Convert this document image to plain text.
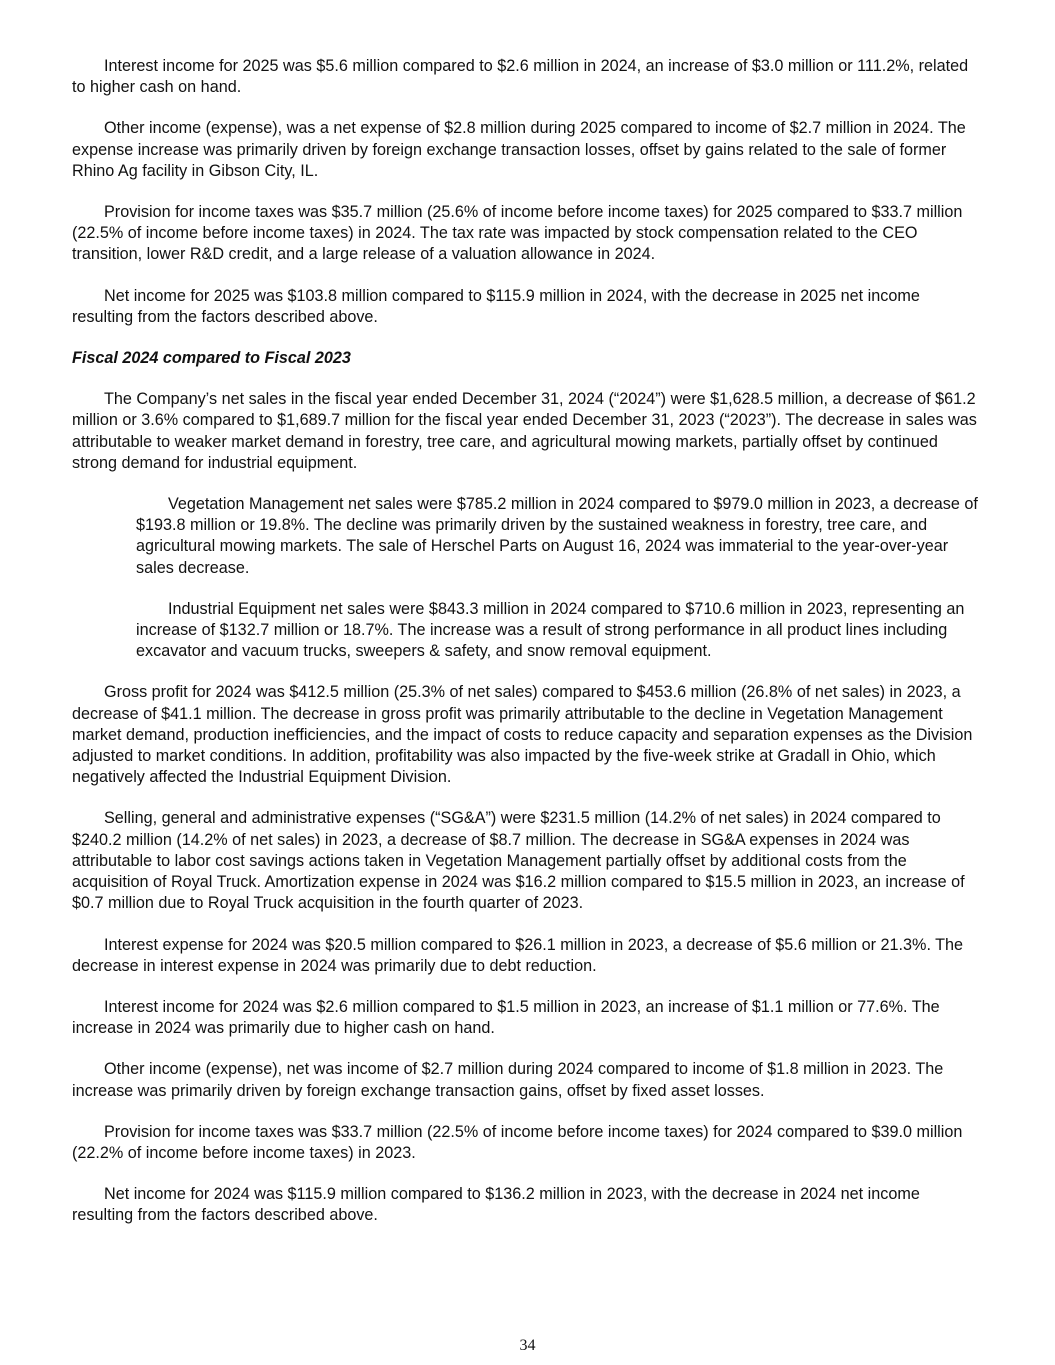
Interest income for 2025 was $5.6 million compared to $2.6 million in 2024, an increase of $3.0 million or 111.2%, related to higher cash on hand.

Other income (expense), was a net expense of $2.8 million during 2025 compared to income of $2.7 million in 2024. The expense increase was primarily driven by foreign exchange transaction losses, offset by gains related to the sale of former Rhino Ag facility in Gibson City, IL.

Provision for income taxes was $35.7 million (25.6% of income before income taxes) for 2025 compared to $33.7 million (22.5% of income before income taxes) in 2024. The tax rate was impacted by stock compensation related to the CEO transition, lower R&D credit, and a large release of a valuation allowance in 2024.

Net income for 2025 was $103.8 million compared to $115.9 million in 2024, with the decrease in 2025 net income resulting from the factors described above.

Fiscal 2024 compared to Fiscal 2023

The Company’s net sales in the fiscal year ended December 31, 2024 (“2024”) were $1,628.5 million, a decrease of $61.2 million or 3.6% compared to $1,689.7 million for the fiscal year ended December 31, 2023 (“2023”). The decrease in sales was attributable to weaker market demand in forestry, tree care, and agricultural mowing markets, partially offset by continued strong demand for industrial equipment.

Vegetation Management net sales were $785.2 million in 2024 compared to $979.0 million in 2023, a decrease of $193.8 million or 19.8%. The decline was primarily driven by the sustained weakness in forestry, tree care, and agricultural mowing markets. The sale of Herschel Parts on August 16, 2024 was immaterial to the year-over-year sales decrease.

Industrial Equipment net sales were $843.3 million in 2024 compared to $710.6 million in 2023, representing an increase of $132.7 million or 18.7%. The increase was a result of strong performance in all product lines including excavator and vacuum trucks, sweepers & safety, and snow removal equipment.

Gross profit for 2024 was $412.5 million (25.3% of net sales) compared to $453.6 million (26.8% of net sales) in 2023, a decrease of $41.1 million. The decrease in gross profit was primarily attributable to the decline in Vegetation Management market demand, production inefficiencies, and the impact of costs to reduce capacity and separation expenses as the Division adjusted to market conditions. In addition, profitability was also impacted by the five-week strike at Gradall in Ohio, which negatively affected the Industrial Equipment Division.

Selling, general and administrative expenses (“SG&A”) were $231.5 million (14.2% of net sales) in 2024 compared to $240.2 million (14.2% of net sales) in 2023, a decrease of $8.7 million. The decrease in SG&A expenses in 2024 was attributable to labor cost savings actions taken in Vegetation Management partially offset by additional costs from the acquisition of Royal Truck. Amortization expense in 2024 was $16.2 million compared to $15.5 million in 2023, an increase of $0.7 million due to Royal Truck acquisition in the fourth quarter of 2023.

Interest expense for 2024 was $20.5 million compared to $26.1 million in 2023, a decrease of $5.6 million or 21.3%. The decrease in interest expense in 2024 was primarily due to debt reduction.

Interest income for 2024 was $2.6 million compared to $1.5 million in 2023, an increase of $1.1 million or 77.6%. The increase in 2024 was primarily due to higher cash on hand.

Other income (expense), net was income of $2.7 million during 2024 compared to income of $1.8 million in 2023. The increase was primarily driven by foreign exchange transaction gains, offset by fixed asset losses.

Provision for income taxes was $33.7 million (22.5% of income before income taxes) for 2024 compared to $39.0 million (22.2% of income before income taxes) in 2023.

Net income for 2024 was $115.9 million compared to $136.2 million in 2023, with the decrease in 2024 net income resulting from the factors described above.

34
